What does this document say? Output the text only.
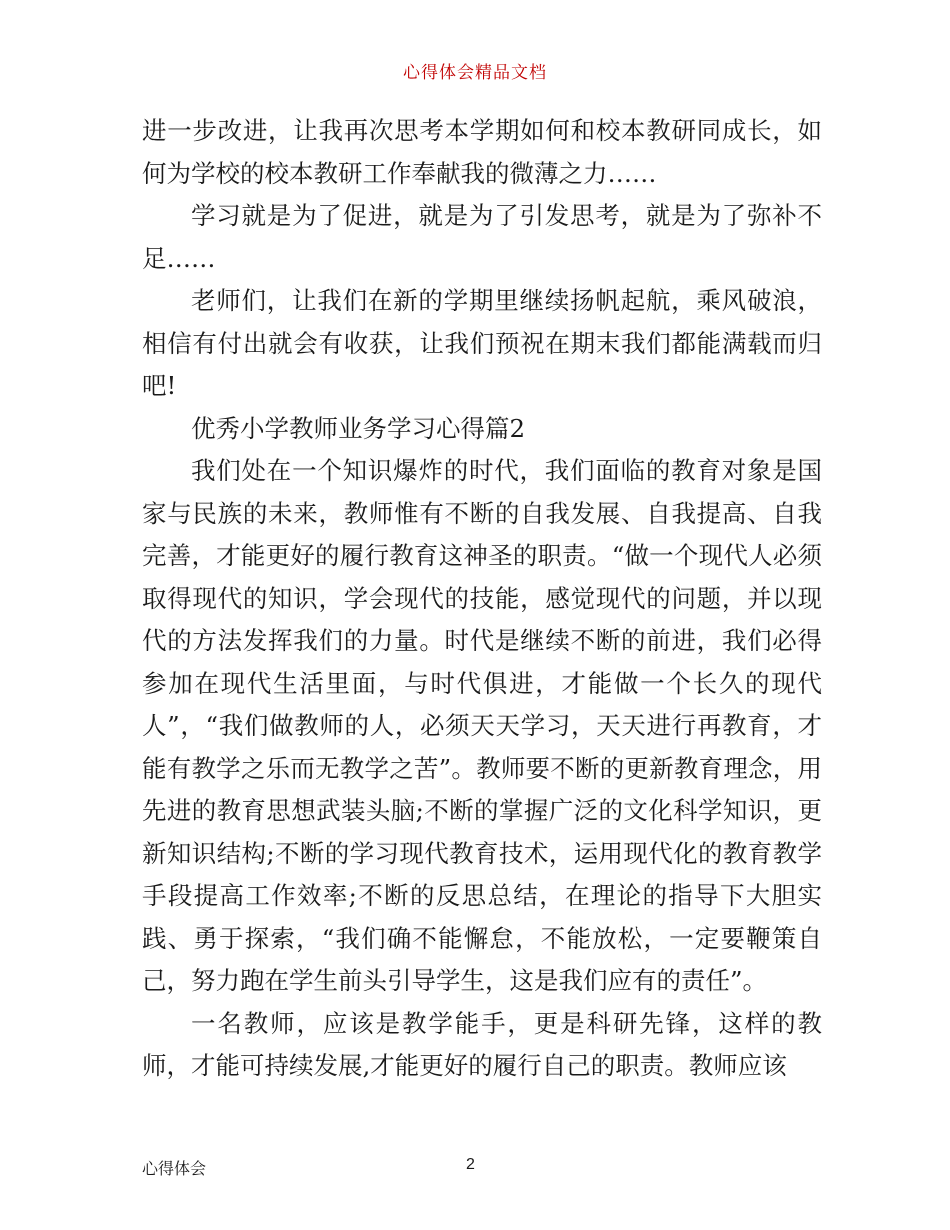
心得体会精品文档

进一步改进，让我再次思考本学期如何和校本教研同成长，如何为学校的校本教研工作奉献我的微薄之力……

学习就是为了促进，就是为了引发思考，就是为了弥补不足……

老师们，让我们在新的学期里继续扬帆起航，乘风破浪，相信有付出就会有收获，让我们预祝在期末我们都能满载而归吧!

优秀小学教师业务学习心得篇2

我们处在一个知识爆炸的时代，我们面临的教育对象是国家与民族的未来，教师惟有不断的自我发展、自我提高、自我完善，才能更好的履行教育这神圣的职责。“做一个现代人必须取得现代的知识，学会现代的技能，感觉现代的问题，并以现代的方法发挥我们的力量。时代是继续不断的前进，我们必得参加在现代生活里面，与时代俱进，才能做一个长久的现代人”，“我们做教师的人，必须天天学习，天天进行再教育，才能有教学之乐而无教学之苦”。教师要不断的更新教育理念，用先进的教育思想武装头脑;不断的掌握广泛的文化科学知识，更新知识结构;不断的学习现代教育技术，运用现代化的教育教学手段提高工作效率;不断的反思总结，在理论的指导下大胆实践、勇于探索，“我们确不能懈怠，不能放松，一定要鞭策自己，努力跑在学生前头引导学生，这是我们应有的责任”。

一名教师，应该是教学能手，更是科研先锋，这样的教师，才能可持续发展,才能更好的履行自己的职责。教师应该

心得体会	2
